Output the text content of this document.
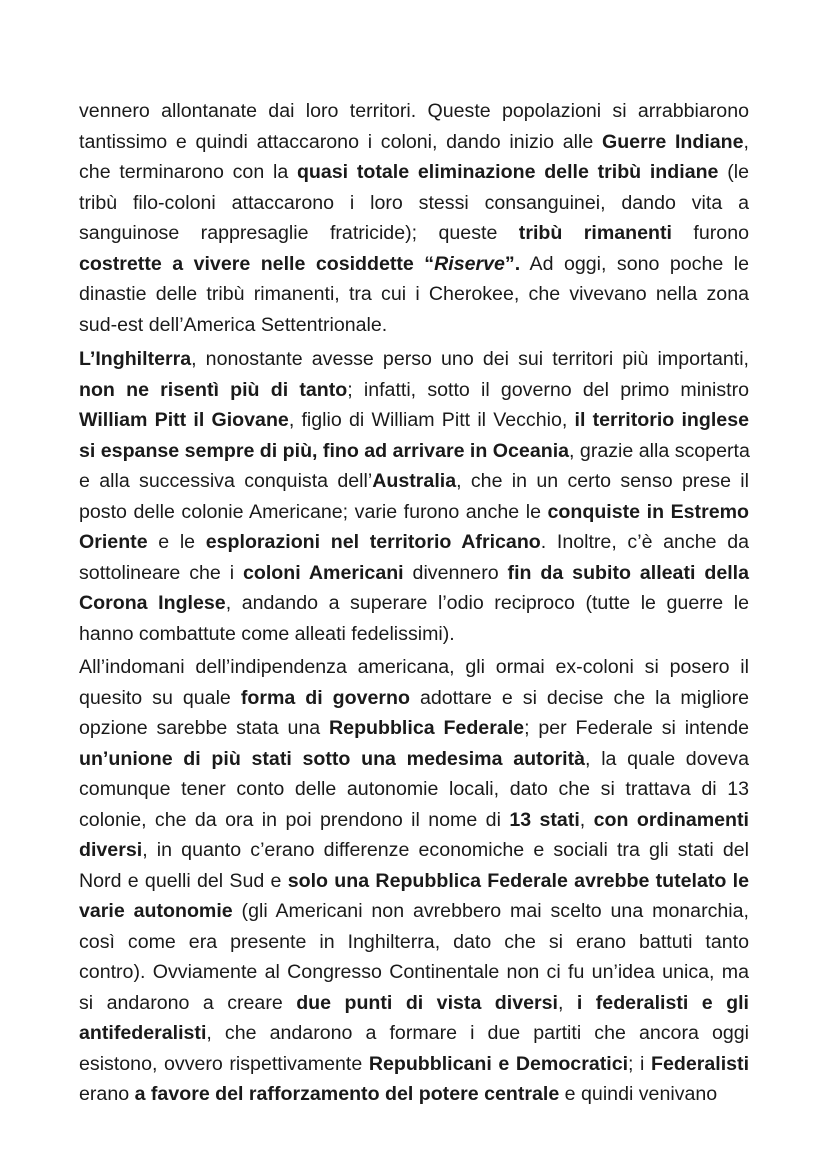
vennero allontanate dai loro territori. Queste popolazioni si arrabbiarono
tantissimo e quindi attaccarono i coloni, dando inizio alle Guerre Indiane,
che terminarono con la quasi totale eliminazione delle tribù indiane (le
tribù filo-coloni attaccarono i loro stessi consanguinei, dando vita a
sanguinose rappresaglie fratricide); queste tribù rimanenti furono
costrette a vivere nelle cosiddette “Riserve”. Ad oggi, sono poche le
dinastie delle tribù rimanenti, tra cui i Cherokee, che vivevano nella zona
sud-est dell’America Settentrionale.
L’Inghilterra, nonostante avesse perso uno dei sui territori più importanti,
non ne risentì più di tanto; infatti, sotto il governo del primo ministro
William Pitt il Giovane, figlio di William Pitt il Vecchio, il territorio inglese
si espanse sempre di più, fino ad arrivare in Oceania, grazie alla scoperta
e alla successiva conquista dell’Australia, che in un certo senso prese il
posto delle colonie Americane; varie furono anche le conquiste in Estremo
Oriente e le esplorazioni nel territorio Africano. Inoltre, c’è anche da
sottolineare che i coloni Americani divennero fin da subito alleati della
Corona Inglese, andando a superare l’odio reciproco (tutte le guerre le
hanno combattute come alleati fedelissimi).
All’indomani dell’indipendenza americana, gli ormai ex-coloni si posero il
quesito su quale forma di governo adottare e si decise che la migliore
opzione sarebbe stata una Repubblica Federale; per Federale si intende
un’unione di più stati sotto una medesima autorità, la quale doveva
comunque tener conto delle autonomie locali, dato che si trattava di 13
colonie, che da ora in poi prendono il nome di 13 stati, con ordinamenti
diversi, in quanto c’erano differenze economiche e sociali tra gli stati del
Nord e quelli del Sud e solo una Repubblica Federale avrebbe tutelato le
varie autonomie (gli Americani non avrebbero mai scelto una monarchia,
così come era presente in Inghilterra, dato che si erano battuti tanto
contro). Ovviamente al Congresso Continentale non ci fu un’idea unica, ma
si andarono a creare due punti di vista diversi, i federalisti e gli
antifederalisti, che andarono a formare i due partiti che ancora oggi
esistono, ovvero rispettivamente Repubblicani e Democratici; i Federalisti
erano a favore del rafforzamento del potere centrale e quindi venivano
